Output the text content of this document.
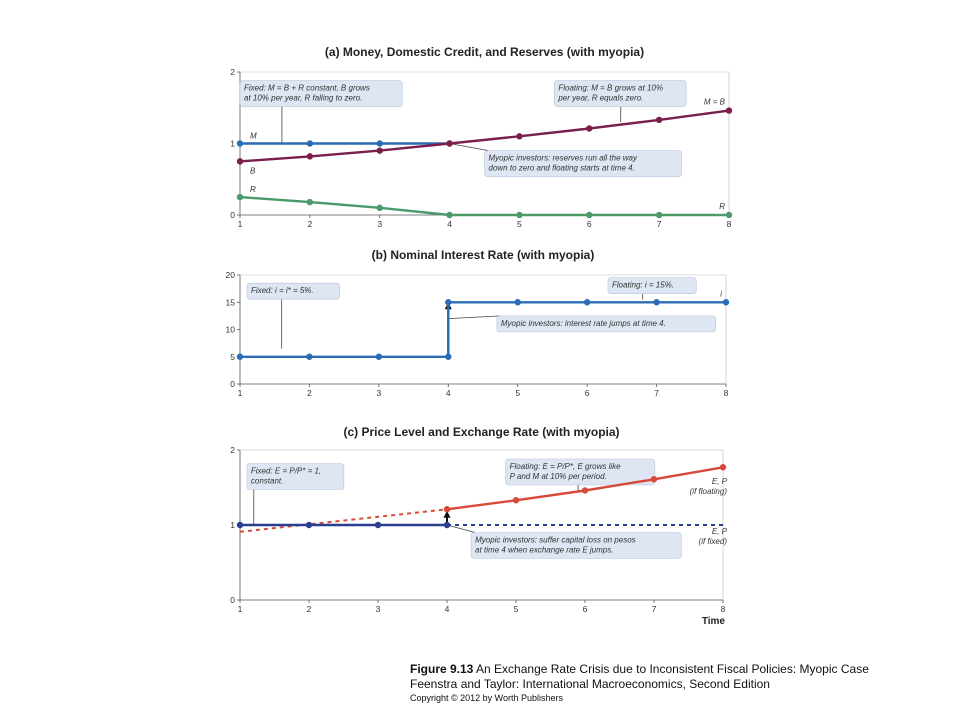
(a) Money, Domestic Credit, and Reserves (with myopia)
0
1
2
1	2	3	4	5	6	7	8
Fixed: M = B + R constant, B grows
at 10% per year, R falling to zero.
Floating: M = B grows at 10%
per year, R equals zero.
Myopic investors: reserves run all the way
down to zero and floating starts at time 4.
M
B
R
M = B
R
(b) Nominal Interest Rate (with myopia)
0
5
10
15
20
1	2	3	4	5	6	7	8
Fixed: i = i* = 5%.
Floating: i = 15%.
Myopic investors: interest rate jumps at time 4.
i
(c) Price Level and Exchange Rate (with myopia)
0
1
2
1	2	3	4	5	6	7	8
Time
Fixed: E = P/P* = 1,
constant.
Floating: E = P/P*, E grows like
P and M at 10% per period.
Myopic investors: suffer capital loss on pesos
at time 4 when exchange rate E jumps.
E, P
(if floating)
E, P
(if fixed)
Figure 9.13 An Exchange Rate Crisis due to Inconsistent Fiscal Policies: Myopic Case
Feenstra and Taylor: International Macroeconomics, Second Edition
Copyright © 2012 by Worth Publishers
